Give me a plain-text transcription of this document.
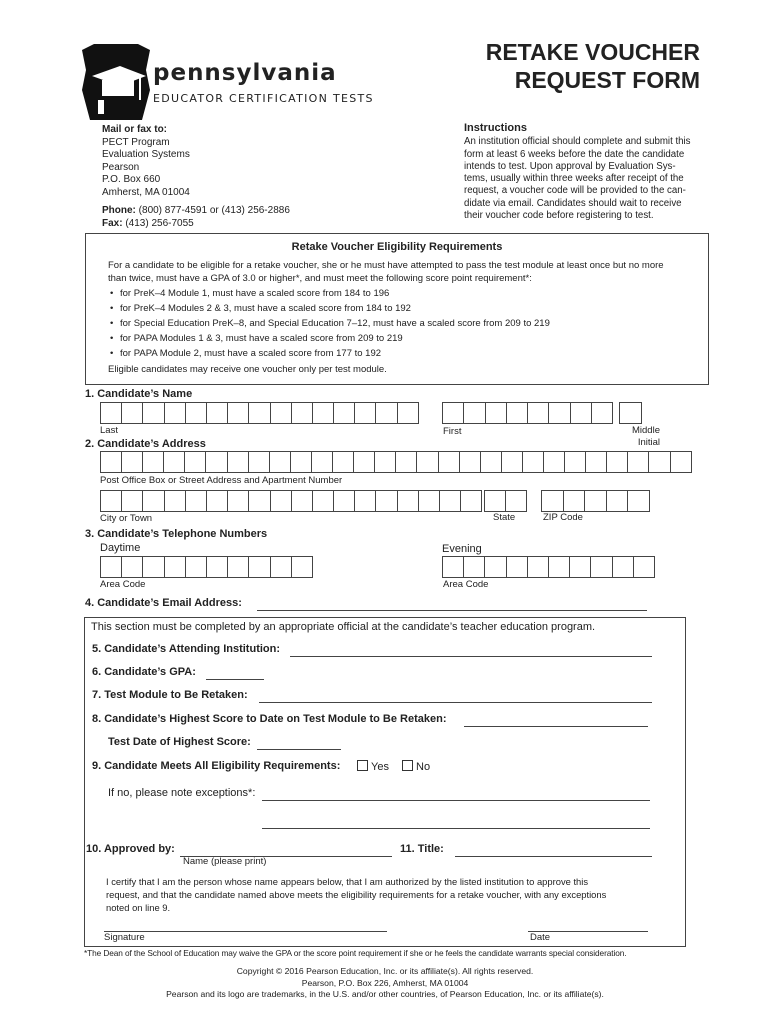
pennsylvania
EDUCATOR CERTIFICATION TESTS
RETAKE VOUCHER
REQUEST FORM
Mail or fax to:
PECT Program
Evaluation Systems
Pearson
P.O. Box 660
Amherst, MA 01004
Phone: (800) 877-4591 or (413) 256-2886
Fax: (413) 256-7055
Instructions
An institution official should complete and submit this
form at least 6 weeks before the date the candidate
intends to test. Upon approval by Evaluation Sys-
tems, usually within three weeks after receipt of the
request, a voucher code will be provided to the can-
didate via email. Candidates should wait to receive
their voucher code before registering to test.
Retake Voucher Eligibility Requirements
For a candidate to be eligible for a retake voucher, she or he must have attempted to pass the test module at least once but no more
than twice, must have a GPA of 3.0 or higher*, and must meet the following score point requirement*:
• for PreK–4 Module 1, must have a scaled score from 184 to 196
• for PreK–4 Modules 2 & 3, must have a scaled score from 184 to 192
• for Special Education PreK–8, and Special Education 7–12, must have a scaled score from 209 to 219
• for PAPA Modules 1 & 3, must have a scaled score from 209 to 219
• for PAPA Module 2, must have a scaled score from 177 to 192
Eligible candidates may receive one voucher only per test module.
1. Candidate’s Name
Last	First	Middle
Initial
2. Candidate’s Address
Post Office Box or Street Address and Apartment Number
City or Town	State	ZIP Code
3. Candidate’s Telephone Numbers
Daytime	Evening
Area Code	Area Code
4. Candidate’s Email Address:
This section must be completed by an appropriate official at the candidate’s teacher education program.
5. Candidate’s Attending Institution:
6. Candidate’s GPA:
7. Test Module to Be Retaken:
8. Candidate’s Highest Score to Date on Test Module to Be Retaken:
Test Date of Highest Score:
9. Candidate Meets All Eligibility Requirements:	Yes	No
If no, please note exceptions*:
10. Approved by:
Name (please print)
11. Title:
I certify that I am the person whose name appears below, that I am authorized by the listed institution to approve this
request, and that the candidate named above meets the eligibility requirements for a retake voucher, with any exceptions
noted on line 9.
Signature	Date
*The Dean of the School of Education may waive the GPA or the score point requirement if she or he feels the candidate warrants special consideration.
Copyright © 2016 Pearson Education, Inc. or its affiliate(s). All rights reserved.
Pearson, P.O. Box 226, Amherst, MA 01004
Pearson and its logo are trademarks, in the U.S. and/or other countries, of Pearson Education, Inc. or its affiliate(s).
